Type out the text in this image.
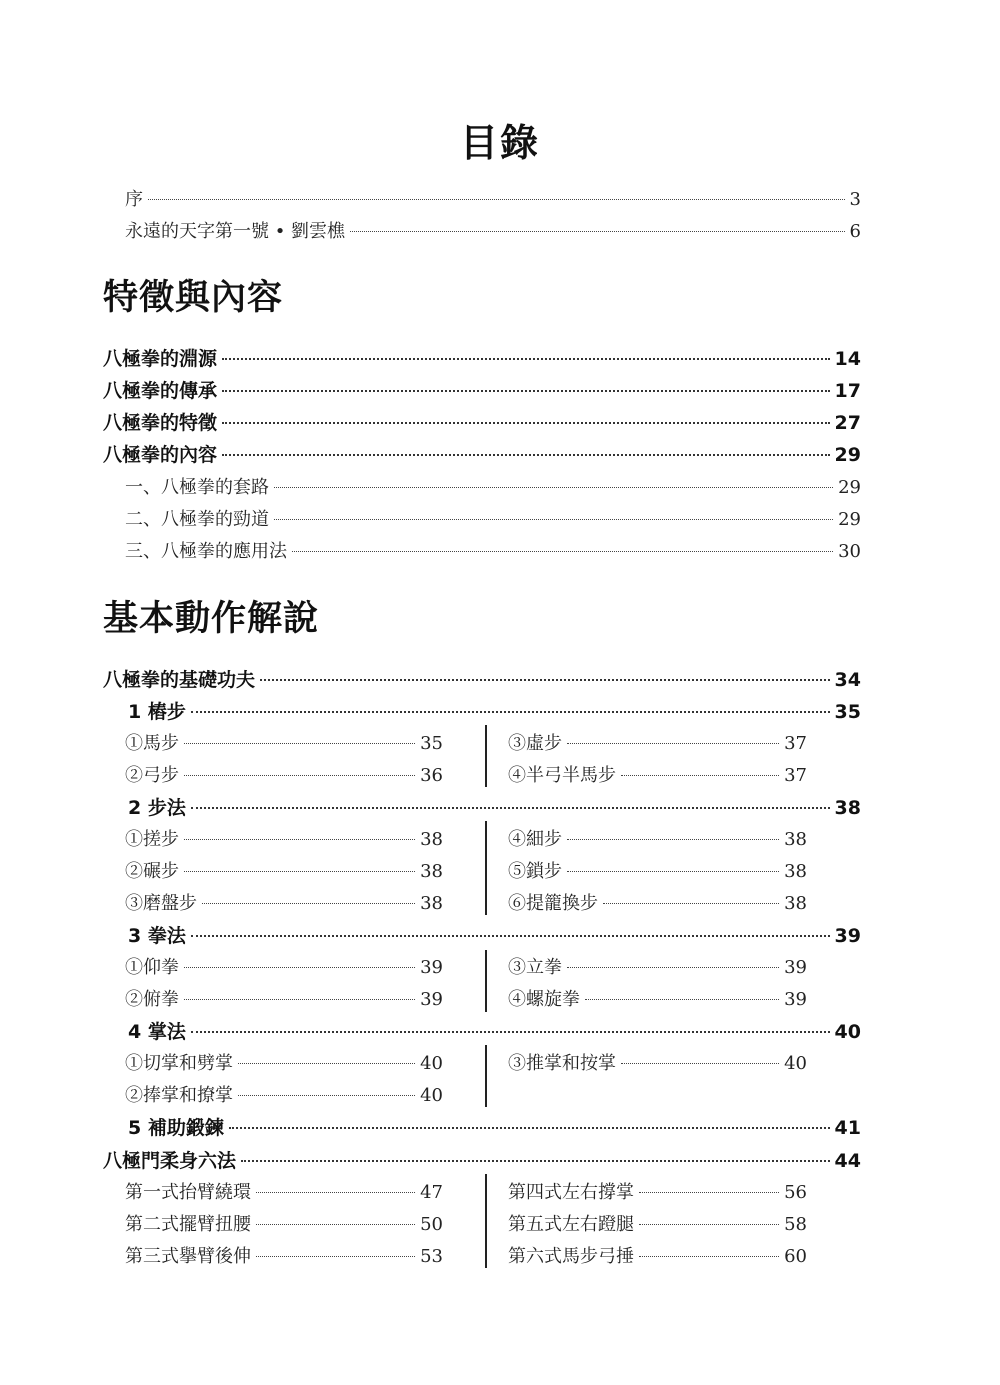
目錄
序	3
永遠的天字第一號 • 劉雲樵	6
特徵與內容
八極拳的淵源	14
八極拳的傳承	17
八極拳的特徵	27
八極拳的內容	29
一、八極拳的套路	29
二、八極拳的勁道	29
三、八極拳的應用法	30
基本動作解說
八極拳的基礎功夫	34
1 樁步	35
①馬步	35
②弓步	36
③虛步	37
④半弓半馬步	37
2 步法	38
①搓步	38
②碾步	38
③磨盤步	38
④細步	38
⑤鎖步	38
⑥提籠換步	38
3 拳法	39
①仰拳	39
②俯拳	39
③立拳	39
④螺旋拳	39
4 掌法	40
①切掌和劈掌	40
②捧掌和撩掌	40
③推掌和按掌	40
5 補助鍛鍊	41
八極門柔身六法	44
第一式抬臂繞環	47
第二式擺臂扭腰	50
第三式擧臂後伸	53
第四式左右撐掌	56
第五式左右蹬腿	58
第六式馬步弓捶	60
